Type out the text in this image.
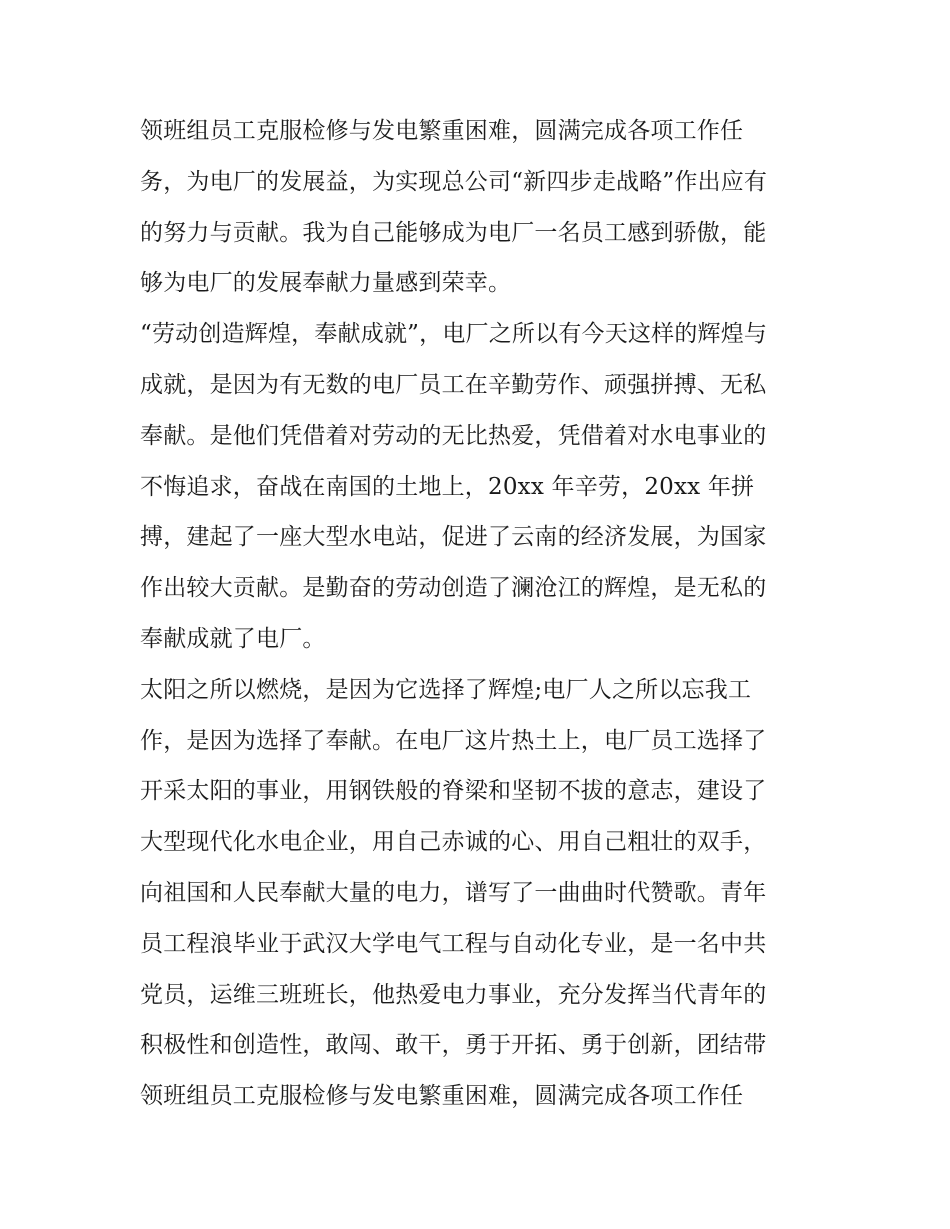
领班组员工克服检修与发电繁重困难，圆满完成各项工作任
务，为电厂的发展益，为实现总公司“新四步走战略”作出应有
的努力与贡献。我为自己能够成为电厂一名员工感到骄傲，能
够为电厂的发展奉献力量感到荣幸。
“劳动创造辉煌，奉献成就”，电厂之所以有今天这样的辉煌与
成就，是因为有无数的电厂员工在辛勤劳作、顽强拼搏、无私
奉献。是他们凭借着对劳动的无比热爱，凭借着对水电事业的
不悔追求，奋战在南国的土地上，20xx 年辛劳，20xx 年拼
搏，建起了一座大型水电站，促进了云南的经济发展，为国家
作出较大贡献。是勤奋的劳动创造了澜沧江的辉煌，是无私的
奉献成就了电厂。
太阳之所以燃烧，是因为它选择了辉煌;电厂人之所以忘我工
作，是因为选择了奉献。在电厂这片热土上，电厂员工选择了
开采太阳的事业，用钢铁般的脊梁和坚韧不拔的意志，建设了
大型现代化水电企业，用自己赤诚的心、用自己粗壮的双手，
向祖国和人民奉献大量的电力，谱写了一曲曲时代赞歌。青年
员工程浪毕业于武汉大学电气工程与自动化专业，是一名中共
党员，运维三班班长，他热爱电力事业，充分发挥当代青年的
积极性和创造性，敢闯、敢干，勇于开拓、勇于创新，团结带
领班组员工克服检修与发电繁重困难，圆满完成各项工作任
